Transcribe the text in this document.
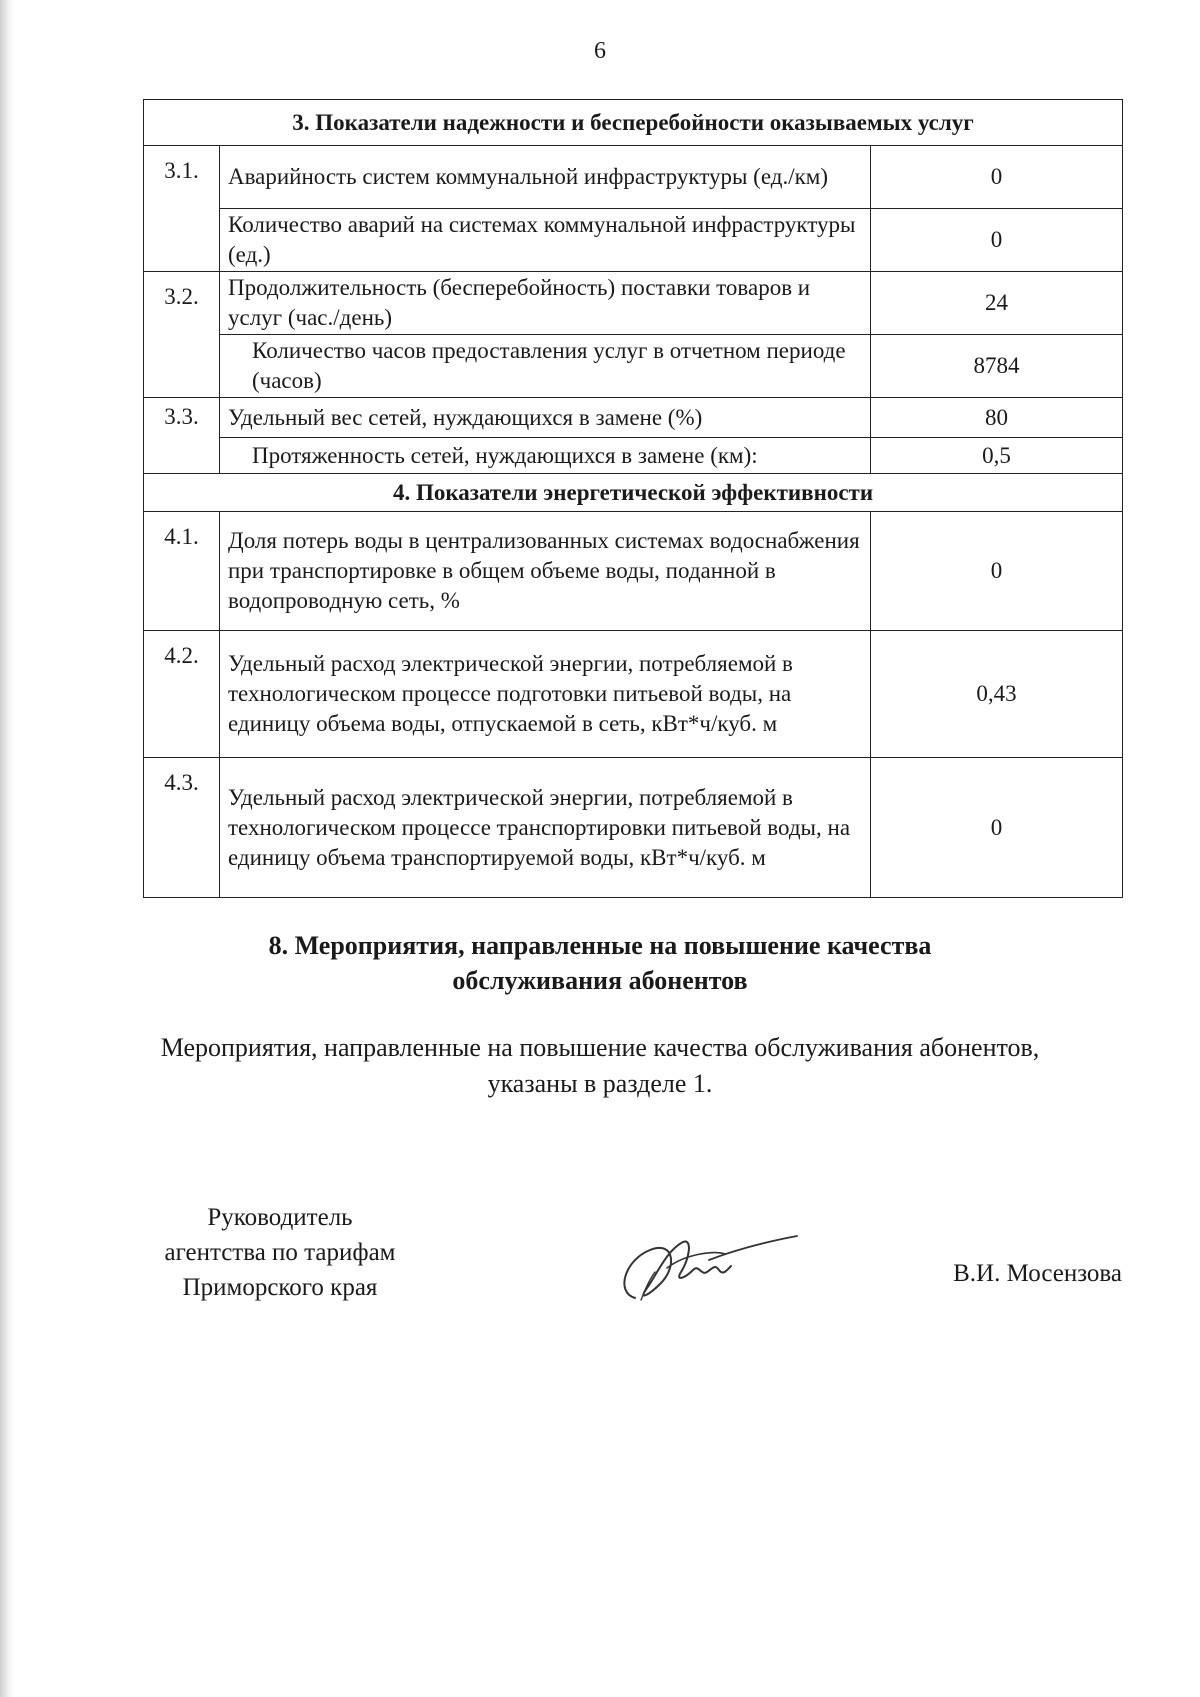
6
3. Показатели надежности и бесперебойности оказываемых услуг		
3.1.	Аварийность систем коммунальной инфраструктуры (ед./км)	0
	Количество аварий на системах коммунальной инфраструктуры (ед.)	0
3.2.	Продолжительность (бесперебойность) поставки товаров и услуг (час./день)	24
	Количество часов предоставления услуг в отчетном периоде (часов)	8784
3.3.	Удельный вес сетей, нуждающихся в замене (%)	80
	Протяженность сетей, нуждающихся в замене (км):	0,5
4. Показатели энергетической эффективности		
4.1.	Доля потерь воды в централизованных системах водоснабжения при транспортировке в общем объеме воды, поданной в водопроводную сеть, %	0
4.2.	Удельный расход электрической энергии, потребляемой в технологическом процессе подготовки питьевой воды, на единицу объема воды, отпускаемой в сеть, кВт*ч/куб. м	0,43
4.3.	Удельный расход электрической энергии, потребляемой в технологическом процессе транспортировки питьевой воды, на единицу объема транспортируемой воды, кВт*ч/куб. м	0
8. Мероприятия, направленные на повышение качества
обслуживания абонентов
Мероприятия, направленные на повышение качества обслуживания абонентов,
указаны в разделе 1.
Руководитель
агентства по тарифам
Приморского края
В.И. Мосензова
